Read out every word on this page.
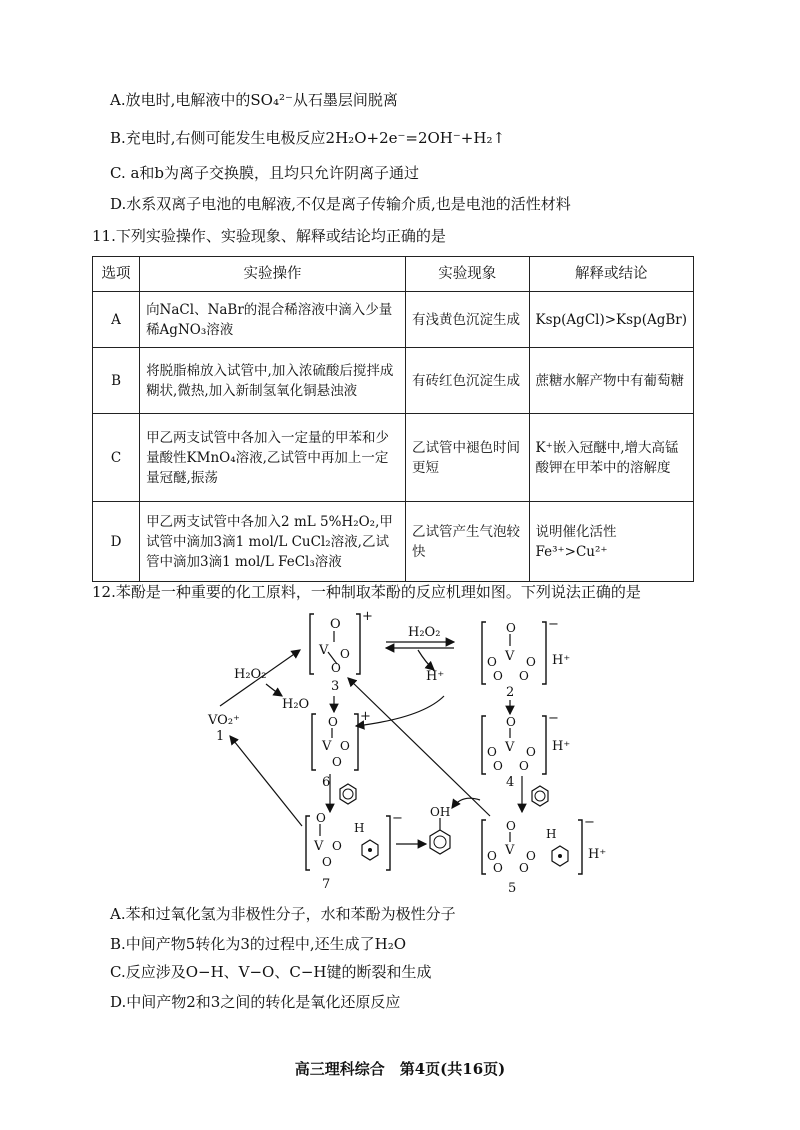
A.放电时,电解液中的SO₄²⁻从石墨层间脱离
B.充电时,右侧可能发生电极反应2H₂O+2e⁻=2OH⁻+H₂↑
C. a和b为离子交换膜，且均只允许阴离子通过
D.水系双离子电池的电解液,不仅是离子传输介质,也是电池的活性材料
11.下列实验操作、实验现象、解释或结论均正确的是
选项	实验操作	实验现象	解释或结论
A	向NaCl、NaBr的混合稀溶液中滴入少量稀AgNO₃溶液	有浅黄色沉淀生成	Ksp(AgCl)>Ksp(AgBr)
B	将脱脂棉放入试管中,加入浓硫酸后搅拌成糊状,微热,加入新制氢氧化铜悬浊液	有砖红色沉淀生成	蔗糖水解产物中有葡萄糖
C	甲乙两支试管中各加入一定量的甲苯和少量酸性KMnO₄溶液,乙试管中再加上一定量冠醚,振荡	乙试管中褪色时间更短	K⁺嵌入冠醚中,增大高锰酸钾在甲苯中的溶解度
D	甲乙两支试管中各加入2 mL 5%H₂O₂,甲试管中滴加3滴1 mol/L CuCl₂溶液,乙试管中滴加3滴1 mol/L FeCl₃溶液	乙试管产生气泡较快	说明催化活性Fe³⁺>Cu²⁺
12.苯酚是一种重要的化工原料，一种制取苯酚的反应机理如图。下列说法正确的是
O
V O
O
+
3
H₂O₂
H⁺
O
V
O O
O O
−
H⁺
2
O
V
O O
O O
−
H⁺
4
O
V
O O
O O
H
−
H⁺
5
O
V O
O
+
6
O
V O
O
H
−
7
OH
VO₂⁺
1
H₂O₂
H₂O
A.苯和过氧化氢为非极性分子，水和苯酚为极性分子
B.中间产物5转化为3的过程中,还生成了H₂O
C.反应涉及O−H、V−O、C−H键的断裂和生成
D.中间产物2和3之间的转化是氧化还原反应
高三理科综合　第4页(共16页)
